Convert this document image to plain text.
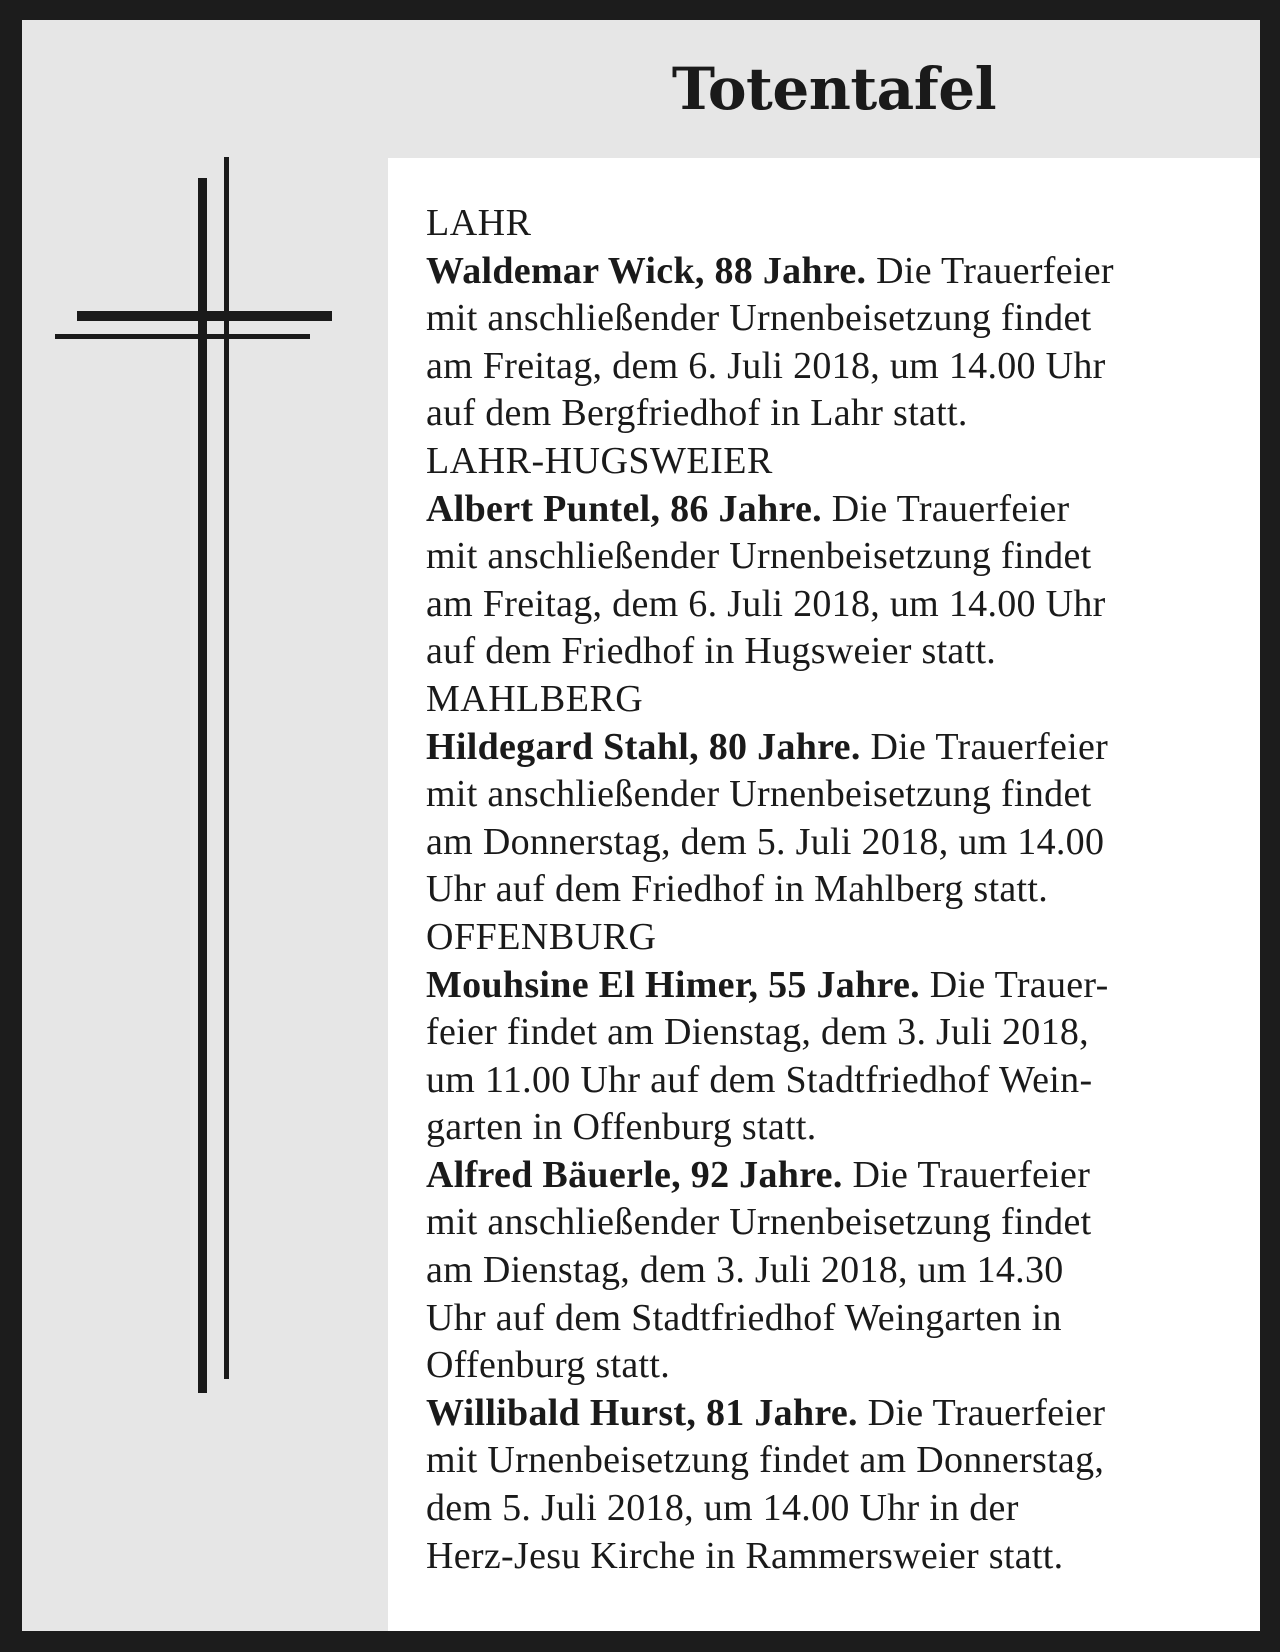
Totentafel
LAHR
Waldemar Wick, 88 Jahre. Die Trauerfeier
mit anschließender Urnenbeisetzung findet
am Freitag, dem 6. Juli 2018, um 14.00 Uhr
auf dem Bergfriedhof in Lahr statt.
LAHR-HUGSWEIER
Albert Puntel, 86 Jahre. Die Trauerfeier
mit anschließender Urnenbeisetzung findet
am Freitag, dem 6. Juli 2018, um 14.00 Uhr
auf dem Friedhof in Hugsweier statt.
MAHLBERG
Hildegard Stahl, 80 Jahre. Die Trauerfeier
mit anschließender Urnenbeisetzung findet
am Donnerstag, dem 5. Juli 2018, um 14.00
Uhr auf dem Friedhof in Mahlberg statt.
OFFENBURG
Mouhsine El Himer, 55 Jahre. Die Trauer-
feier findet am Dienstag, dem 3. Juli 2018,
um 11.00 Uhr auf dem Stadtfriedhof Wein-
garten in Offenburg statt.
Alfred Bäuerle, 92 Jahre. Die Trauerfeier
mit anschließender Urnenbeisetzung findet
am Dienstag, dem 3. Juli 2018, um 14.30
Uhr auf dem Stadtfriedhof Weingarten in
Offenburg statt.
Willibald Hurst, 81 Jahre. Die Trauerfeier
mit Urnenbeisetzung findet am Donnerstag,
dem 5. Juli 2018, um 14.00 Uhr in der
Herz-Jesu Kirche in Rammersweier statt.
